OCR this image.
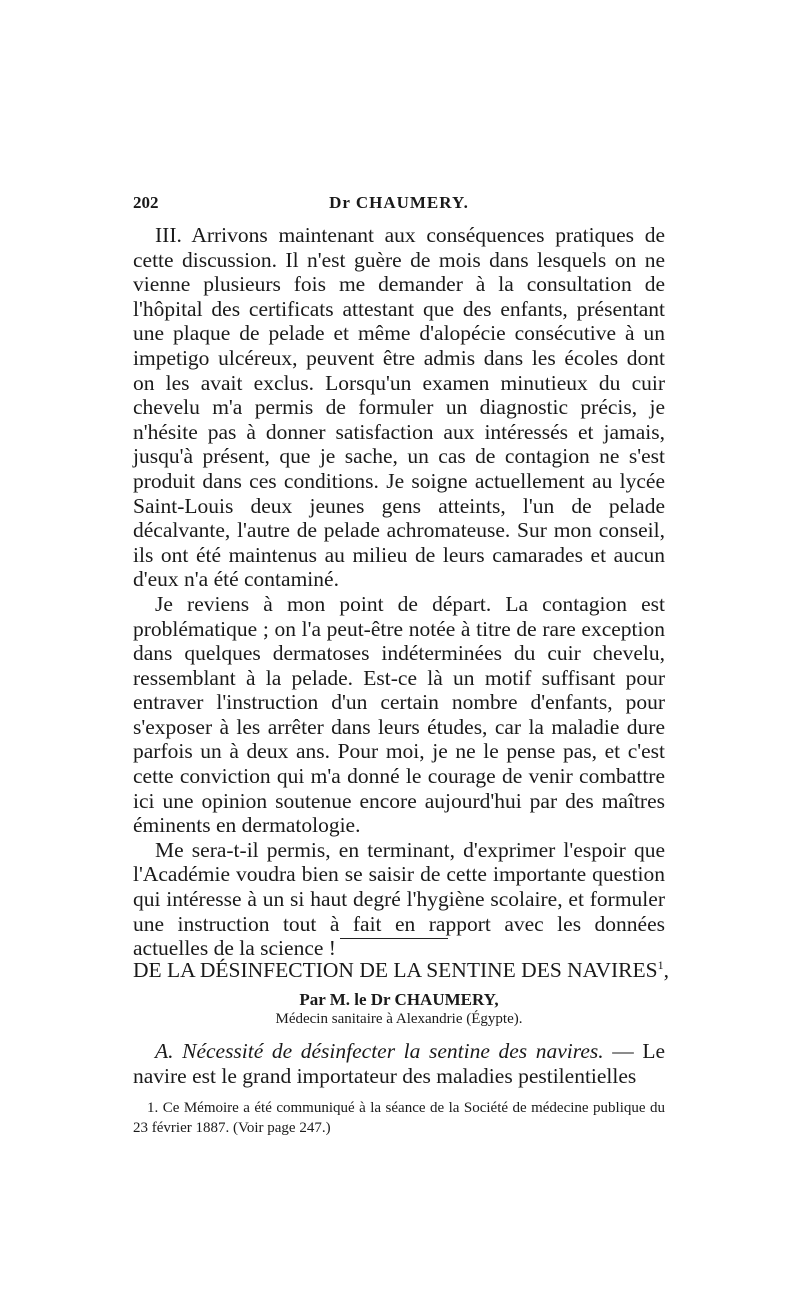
202	Dr CHAUMERY.

III. Arrivons maintenant aux conséquences pratiques de cette discussion. Il n'est guère de mois dans lesquels on ne vienne plusieurs fois me demander à la consultation de l'hôpital des certificats attestant que des enfants, présentant une plaque de pelade et même d'alopécie consécutive à un impetigo ulcéreux, peuvent être admis dans les écoles dont on les avait exclus. Lorsqu'un examen minutieux du cuir chevelu m'a permis de formuler un diagnostic précis, je n'hésite pas à donner satisfaction aux intéressés et jamais, jusqu'à présent, que je sache, un cas de contagion ne s'est produit dans ces conditions. Je soigne actuellement au lycée Saint-Louis deux jeunes gens atteints, l'un de pelade décalvante, l'autre de pelade achromateuse. Sur mon conseil, ils ont été maintenus au milieu de leurs camarades et aucun d'eux n'a été contaminé.

Je reviens à mon point de départ. La contagion est problématique ; on l'a peut-être notée à titre de rare exception dans quelques dermatoses indéterminées du cuir chevelu, ressemblant à la pelade. Est-ce là un motif suffisant pour entraver l'instruction d'un certain nombre d'enfants, pour s'exposer à les arrêter dans leurs études, car la maladie dure parfois un à deux ans. Pour moi, je ne le pense pas, et c'est cette conviction qui m'a donné le courage de venir combattre ici une opinion soutenue encore aujourd'hui par des maîtres éminents en dermatologie.

Me sera-t-il permis, en terminant, d'exprimer l'espoir que l'Académie voudra bien se saisir de cette importante question qui intéresse à un si haut degré l'hygiène scolaire, et formuler une instruction tout à fait en rapport avec les données actuelles de la science !

DE LA DÉSINFECTION DE LA SENTINE DES NAVIRES$^1$,
Par M. le Dr CHAUMERY,
Médecin sanitaire à Alexandrie (Égypte).

A. Nécessité de désinfecter la sentine des navires. — Le navire est le grand importateur des maladies pestilentielles

1. Ce Mémoire a été communiqué à la séance de la Société de médecine publique du 23 février 1887. (Voir page 247.)
